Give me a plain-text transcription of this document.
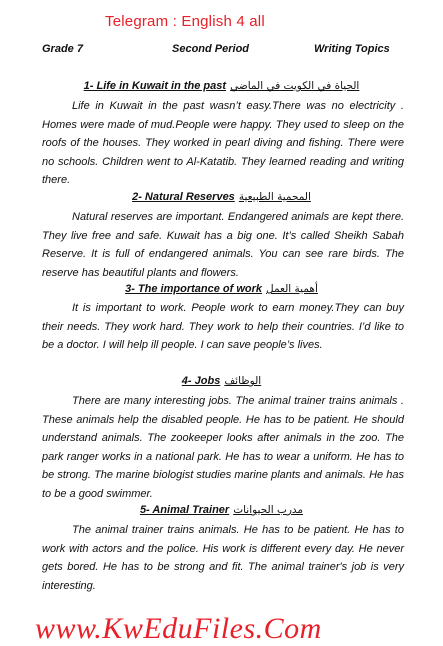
Telegram : English 4 all
Grade 7	Second Period	Writing Topics
1- Life in Kuwait in the past الحياة في الكويت في الماضي
Life in Kuwait in the past wasn’t easy.There was no electricity . Homes were made of mud.People were happy. They used to sleep on the roofs of the houses. They worked in pearl diving and fishing. There were no schools. Children went to Al-Katatib. They learned reading and writing there.
2- Natural Reserves المحمية الطبيعية
Natural reserves are important. Endangered animals are kept there. They live free and safe. Kuwait has a big one. It’s called Sheikh Sabah Reserve. It is full of endangered animals. You can see rare birds. The reserve has beautiful plants and flowers.
3- The importance of work أهمية العمل
It is important to work. People work to earn money.They can buy their needs. They work hard. They work to help their countries. I’d like to be a doctor. I will help ill people. I can save people’s lives.
4- Jobs الوظائف
There are many interesting jobs. The animal trainer trains animals . These animals help the disabled people. He has to be patient. He should understand animals. The zookeeper looks after animals in the zoo. The park ranger works in a national park. He has to wear a uniform. He has to be strong. The marine biologist studies marine plants and animals. He has to be a good swimmer.
5- Animal Trainer مدرب الحيوانات
The animal trainer trains animals. He has to be patient. He has to work with actors and the police. His work is different every day. He never gets bored. He has to be strong and fit. The animal trainer's job is very interesting.
www.KwEduFiles.Com
